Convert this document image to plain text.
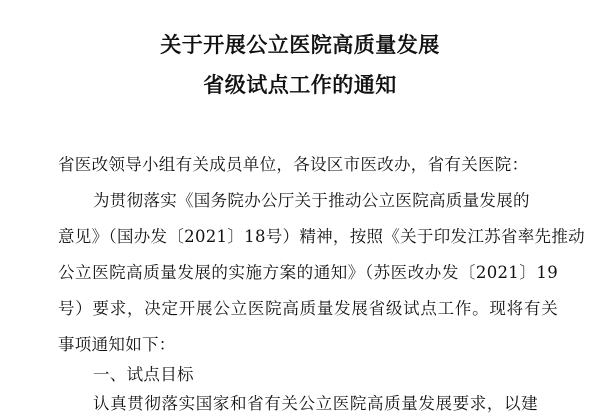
关于开展公立医院高质量发展
省级试点工作的通知
省医改领导小组有关成员单位，各设区市医改办，省有关医院：
为贯彻落实《国务院办公厅关于推动公立医院高质量发展的
意见》（国办发〔2021〕18号）精神，按照《关于印发江苏省率先推动
公立医院高质量发展的实施方案的通知》（苏医改办发〔2021〕19
号）要求，决定开展公立医院高质量发展省级试点工作。现将有关
事项通知如下：
一、试点目标
认真贯彻落实国家和省有关公立医院高质量发展要求，以建
